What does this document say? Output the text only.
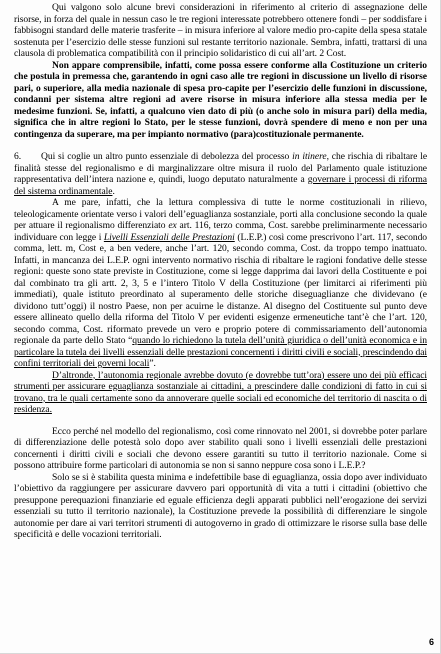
Qui valgono solo alcune brevi considerazioni in riferimento al criterio di assegnazione delle risorse, in forza del quale in nessun caso le tre regioni interessate potrebbero ottenere fondi – per soddisfare i fabbisogni standard delle materie trasferite – in misura inferiore al valore medio pro-capite della spesa statale sostenuta per l’esercizio delle stesse funzioni sul restante territorio nazionale. Sembra, infatti, trattarsi di una clausola di problematica compatibilità con il principio solidaristico di cui all’art. 2 Cost.

Non appare comprensibile, infatti, come possa essere conforme alla Costituzione un criterio che postula in premessa che, garantendo in ogni caso alle tre regioni in discussione un livello di risorse pari, o superiore, alla media nazionale di spesa pro-capite per l’esercizio delle funzioni in discussione, condanni per sistema altre regioni ad avere risorse in misura inferiore alla stessa media per le medesime funzioni. Se, infatti, a qualcuno vien dato di più (o anche solo in misura pari) della media, significa che in altre regioni lo Stato, per le stesse funzioni, dovrà spendere di meno e non per una contingenza da superare, ma per impianto normativo (para)costituzionale permanente.

6. Qui si coglie un altro punto essenziale di debolezza del processo in itinere, che rischia di ribaltare le finalità stesse del regionalismo e di marginalizzare oltre misura il ruolo del Parlamento quale istituzione rappresentativa dell’intera nazione e, quindi, luogo deputato naturalmente a governare i processi di riforma del sistema ordinamentale.

A me pare, infatti, che la lettura complessiva di tutte le norme costituzionali in rilievo, teleologicamente orientate verso i valori dell’eguaglianza sostanziale, porti alla conclusione secondo la quale per attuare il regionalismo differenziato ex art. 116, terzo comma, Cost. sarebbe preliminarmente necessario individuare con legge i Livelli Essenziali delle Prestazioni (L.E.P.) così come prescrivono l’art. 117, secondo comma, lett. m, Cost e, a ben vedere, anche l’art. 120, secondo comma, Cost. da troppo tempo inattuato. Infatti, in mancanza dei L.E.P. ogni intervento normativo rischia di ribaltare le ragioni fondative delle stesse regioni: queste sono state previste in Costituzione, come si legge dapprima dai lavori della Costituente e poi dal combinato tra gli artt. 2, 3, 5 e l’intero Titolo V della Costituzione (per limitarci ai riferimenti più immediati), quale istituto preordinato al superamento delle storiche diseguaglianze che dividevano (e dividono tutt’oggi) il nostro Paese, non per acuirne le distanze. Al disegno del Costituente sul punto deve essere allineato quello della riforma del Titolo V per evidenti esigenze ermeneutiche tant’è che l’art. 120, secondo comma, Cost. riformato prevede un vero e proprio potere di commissariamento dell’autonomia regionale da parte dello Stato “quando lo richiedono la tutela dell’unità giuridica o dell’unità economica e in particolare la tutela dei livelli essenziali delle prestazioni concernenti i diritti civili e sociali, prescindendo dai confini territoriali dei governi locali”.

D’altronde, l’autonomia regionale avrebbe dovuto (e dovrebbe tutt’ora) essere uno dei più efficaci strumenti per assicurare eguaglianza sostanziale ai cittadini, a prescindere dalle condizioni di fatto in cui si trovano, tra le quali certamente sono da annoverare quelle sociali ed economiche del territorio di nascita o di residenza.

Ecco perché nel modello del regionalismo, così come rinnovato nel 2001, si dovrebbe poter parlare di differenziazione delle potestà solo dopo aver stabilito quali sono i livelli essenziali delle prestazioni concernenti i diritti civili e sociali che devono essere garantiti su tutto il territorio nazionale. Come si possono attribuire forme particolari di autonomia se non si sanno neppure cosa sono i L.E.P.?

Solo se si è stabilita questa minima e indefettibile base di eguaglianza, ossia dopo aver individuato l’obiettivo da raggiungere per assicurare davvero pari opportunità di vita a tutti i cittadini (obiettivo che presuppone perequazioni finanziarie ed eguale efficienza degli apparati pubblici nell’erogazione dei servizi essenziali su tutto il territorio nazionale), la Costituzione prevede la possibilità di differenziare le singole autonomie per dare ai vari territori strumenti di autogoverno in grado di ottimizzare le risorse sulla base delle specificità e delle vocazioni territoriali.

6
